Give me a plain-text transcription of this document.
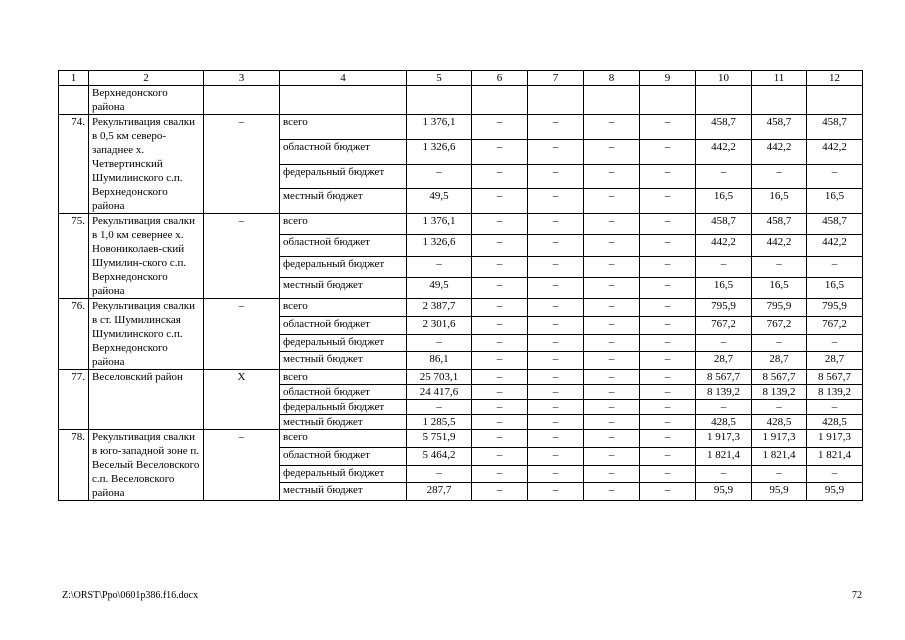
1	2	3	4	5	6	7	8	9	10	11	12
	Верхнедонского района										
74.	Рекультивация свалки в 0,5 км северо-западнее х. Четвертинский Шумилинского с.п. Верхнедонского района	–	всего	1 376,1	–	–	–	–	458,7	458,7	458,7
			областной бюджет	1 326,6	–	–	–	–	442,2	442,2	442,2
			федеральный бюджет	–	–	–	–	–	–	–	–
			местный бюджет	49,5	–	–	–	–	16,5	16,5	16,5
75.	Рекультивация свалки в 1,0 км севернее х. Новониколаев-ский Шумилин-ского с.п. Верхнедонского района	–	всего	1 376,1	–	–	–	–	458,7	458,7	458,7
			областной бюджет	1 326,6	–	–	–	–	442,2	442,2	442,2
			федеральный бюджет	–	–	–	–	–	–	–	–
			местный бюджет	49,5	–	–	–	–	16,5	16,5	16,5
76.	Рекультивация свалки в ст. Шумилинская Шумилинского с.п. Верхнедонского района	–	всего	2 387,7	–	–	–	–	795,9	795,9	795,9
			областной бюджет	2 301,6	–	–	–	–	767,2	767,2	767,2
			федеральный бюджет	–	–	–	–	–	–	–	–
			местный бюджет	86,1	–	–	–	–	28,7	28,7	28,7
77.	Веселовский район	Х	всего	25 703,1	–	–	–	–	8 567,7	8 567,7	8 567,7
			областной бюджет	24 417,6	–	–	–	–	8 139,2	8 139,2	8 139,2
			федеральный бюджет	–	–	–	–	–	–	–	–
			местный бюджет	1 285,5	–	–	–	–	428,5	428,5	428,5
78.	Рекультивация свалки в юго-западной зоне п. Веселый Веселовского с.п. Веселовского района	–	всего	5 751,9	–	–	–	–	1 917,3	1 917,3	1 917,3
			областной бюджет	5 464,2	–	–	–	–	1 821,4	1 821,4	1 821,4
			федеральный бюджет	–	–	–	–	–	–	–	–
			местный бюджет	287,7	–	–	–	–	95,9	95,9	95,9
Z:\ORST\Ppo\0601p386.f16.docx	72
